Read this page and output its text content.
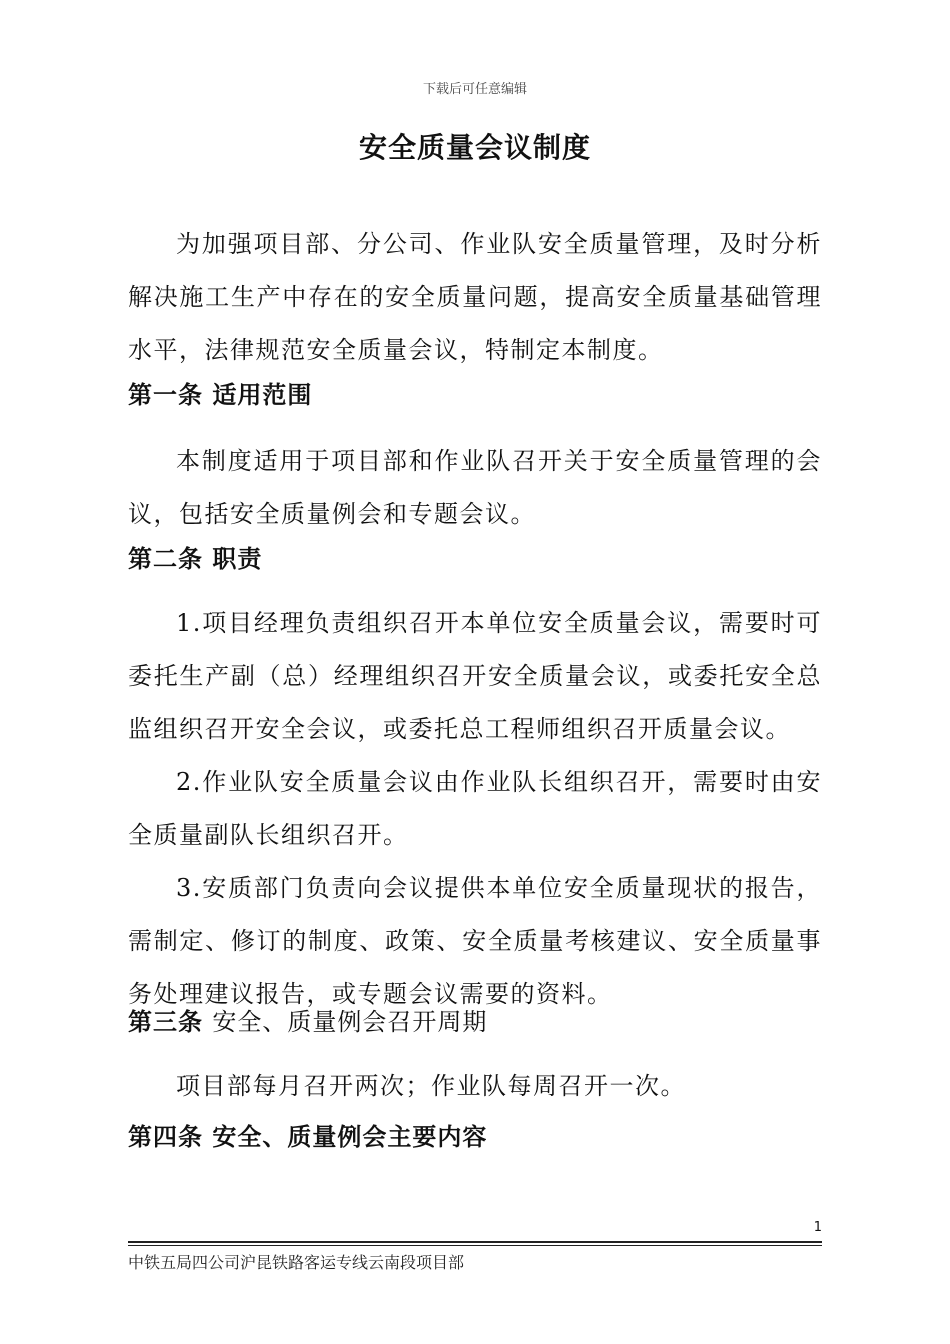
下载后可任意编辑
安全质量会议制度

为加强项目部、分公司、作业队安全质量管理，及时分析解决施工生产中存在的安全质量问题，提高安全质量基础管理水平，法律规范安全质量会议，特制定本制度。

第一条 适用范围

本制度适用于项目部和作业队召开关于安全质量管理的会议，包括安全质量例会和专题会议。

第二条 职责

1.项目经理负责组织召开本单位安全质量会议，需要时可委托生产副（总）经理组织召开安全质量会议，或委托安全总监组织召开安全会议，或委托总工程师组织召开质量会议。

2.作业队安全质量会议由作业队长组织召开，需要时由安全质量副队长组织召开。

3.安质部门负责向会议提供本单位安全质量现状的报告，需制定、修订的制度、政策、安全质量考核建议、安全质量事务处理建议报告，或专题会议需要的资料。

第三条 安全、质量例会召开周期

项目部每月召开两次；作业队每周召开一次。

第四条 安全、质量例会主要内容
1
中铁五局四公司沪昆铁路客运专线云南段项目部
